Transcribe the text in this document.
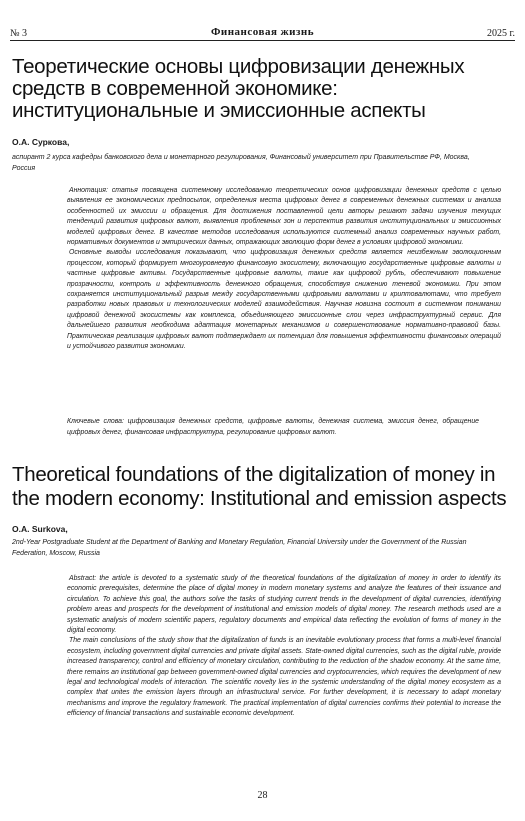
№ 3	Финансовая жизнь	2025 г.
Теоретические основы цифровизации денежных средств в современной экономике: институциональные и эмиссионные аспекты
О.А. Суркова,
аспирант 2 курса кафедры банковского дела и монетарного регулирования, Финансовый университет при Правительстве РФ, Москва, Россия

Аннотация: статья посвящена системному исследованию теоретических основ цифровизации денежных средств с целью выявления ее экономических предпосылок, определения места цифровых денег в современных денежных системах и анализа особенностей их эмиссии и обращения. Для достижения поставленной цели авторы решают задачи изучения текущих тенденций развития цифровых валют, выявления проблемных зон и перспектив развития институциональных и эмиссионных моделей цифровых денег. В качестве методов исследования используются системный анализ современных научных работ, нормативных документов и эмпирических данных, отражающих эволюцию форм денег в условиях цифровой экономики.

Основные выводы исследования показывают, что цифровизация денежных средств является неизбежным эволюционным процессом, который формирует многоуровневую финансовую экосистему, включающую государственные цифровые валюты и частные цифровые активы. Государственные цифровые валюты, такие как цифровой рубль, обеспечивают повышение прозрачности, контроль и эффективность денежного обращения, способствуя снижению теневой экономики. При этом сохраняется институциональный разрыв между государственными цифровыми валютами и криптовалютами, что требует разработки новых правовых и технологических моделей взаимодействия. Научная новизна состоит в системном понимании цифровой денежной экосистемы как комплекса, объединяющего эмиссионные слои через инфраструктурный сервис. Для дальнейшего развития необходима адаптация монетарных механизмов и совершенствование нормативно-правовой базы. Практическая реализация цифровых валют подтверждает их потенциал для повышения эффективности финансовых операций и устойчивого развития экономики.

Ключевые слова: цифровизация денежных средств, цифровые валюты, денежная система, эмиссия денег, обращение цифровых денег, финансовая инфраструктура, регулирование цифровых валют.
Theoretical foundations of the digitalization of money in the modern economy: Institutional and emission aspects
O.A. Surkova,
2nd-Year Postgraduate Student at the Department of Banking and Monetary Regulation, Financial University under the Government of the Russian Federation, Moscow, Russia

Abstract: the article is devoted to a systematic study of the theoretical foundations of the digitalization of money in order to identify its economic prerequisites, determine the place of digital money in modern monetary systems and analyze the features of their issuance and circulation. To achieve this goal, the authors solve the tasks of studying current trends in the development of digital currencies, identifying problem areas and prospects for the development of institutional and emission models of digital money. The research methods used are a systematic analysis of modern scientific papers, regulatory documents and empirical data reflecting the evolution of forms of money in the digital economy.

The main conclusions of the study show that the digitalization of funds is an inevitable evolutionary process that forms a multi-level financial ecosystem, including government digital currencies and private digital assets. State-owned digital currencies, such as the digital ruble, provide increased transparency, control and efficiency of monetary circulation, contributing to the reduction of the shadow economy. At the same time, there remains an institutional gap between government-owned digital currencies and cryptocurrencies, which requires the development of new legal and technological models of interaction. The scientific novelty lies in the systemic understanding of the digital money ecosystem as a complex that unites the emission layers through an infrastructural service. For further development, it is necessary to adapt monetary mechanisms and improve the regulatory framework. The practical implementation of digital currencies confirms their potential to increase the efficiency of financial transactions and sustainable economic development.

28
